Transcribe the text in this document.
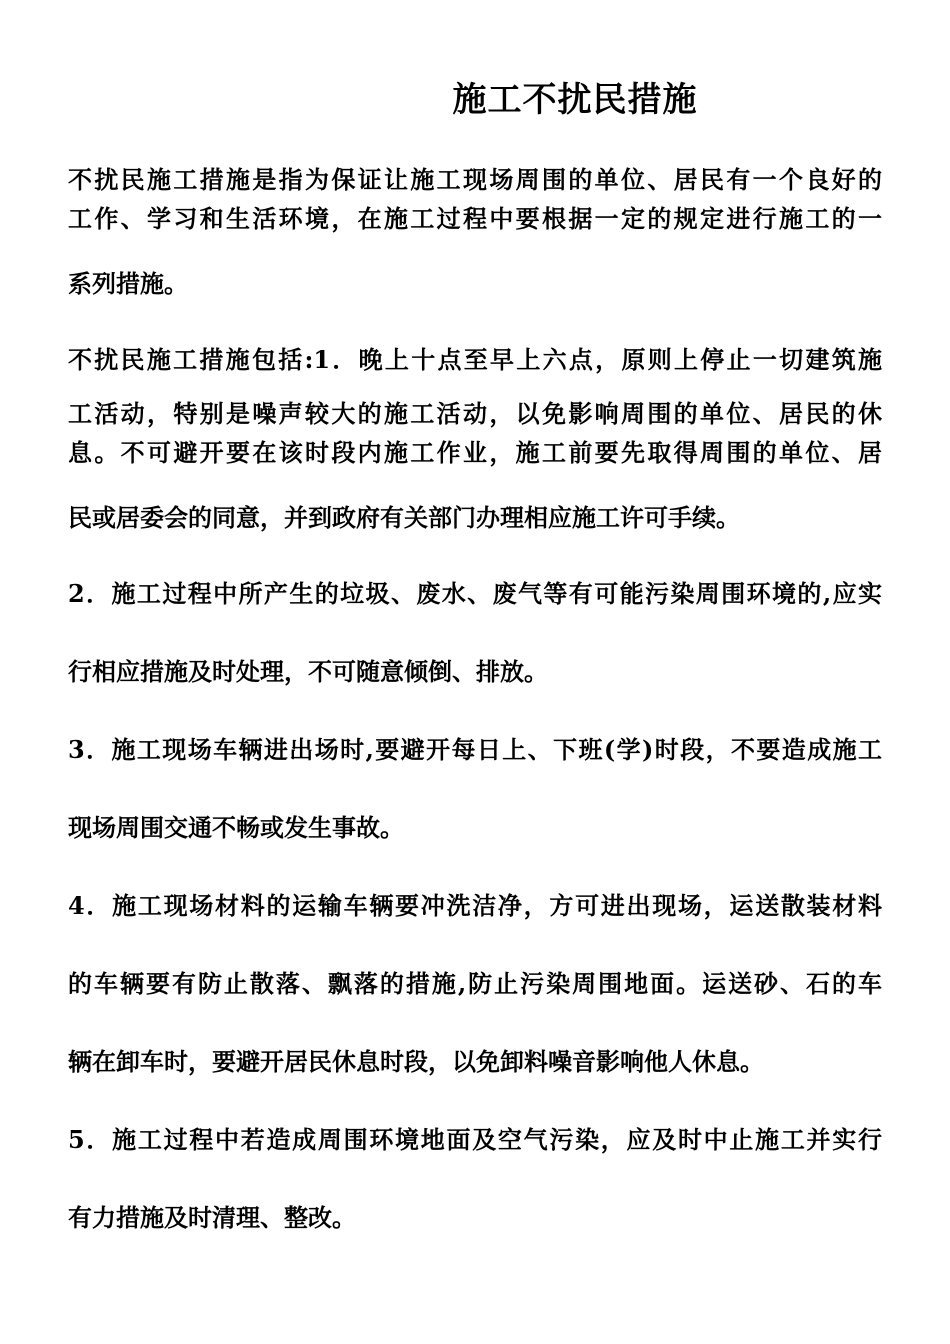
施工不扰民措施
不扰民施工措施是指为保证让施工现场周围的单位、居民有一个良好的
工作、学习和生活环境，在施工过程中要根据一定的规定进行施工的一
系列措施。
不扰民施工措施包括:1．晚上十点至早上六点，原则上停止一切建筑施
工活动，特别是噪声较大的施工活动，以免影响周围的单位、居民的休
息。不可避开要在该时段内施工作业，施工前要先取得周围的单位、居
民或居委会的同意，并到政府有关部门办理相应施工许可手续。
2．施工过程中所产生的垃圾、废水、废气等有可能污染周围环境的,应实
行相应措施及时处理，不可随意倾倒、排放。
3．施工现场车辆进出场时,要避开每日上、下班(学)时段，不要造成施工
现场周围交通不畅或发生事故。
4．施工现场材料的运输车辆要冲洗洁净，方可进出现场，运送散装材料
的车辆要有防止散落、飘落的措施,防止污染周围地面。运送砂、石的车
辆在卸车时，要避开居民休息时段，以免卸料噪音影响他人休息。
5．施工过程中若造成周围环境地面及空气污染，应及时中止施工并实行
有力措施及时清理、整改。
